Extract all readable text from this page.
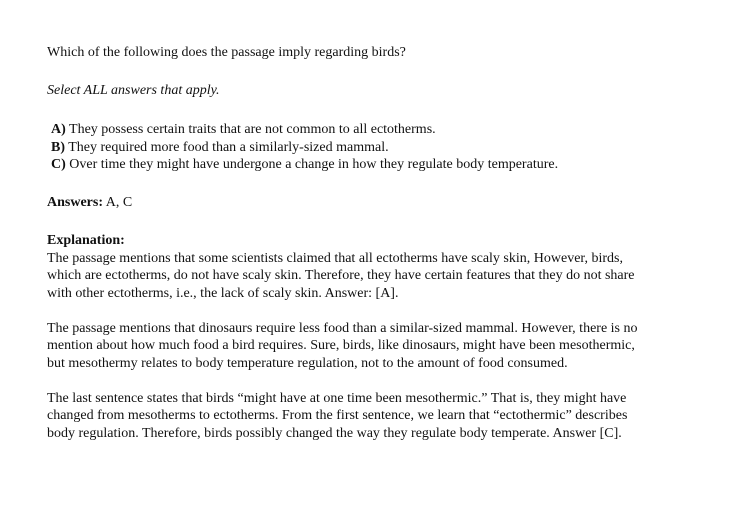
Which of the following does the passage imply regarding birds?
Select ALL answers that apply.
A) They possess certain traits that are not common to all ectotherms.
B) They required more food than a similarly-sized mammal.
C) Over time they might have undergone a change in how they regulate body temperature.
Answers: A, C
Explanation:

The passage mentions that some scientists claimed that all ectotherms have scaly skin, However, birds,
which are ectotherms, do not have scaly skin. Therefore, they have certain features that they do not share
with other ectotherms, i.e., the lack of scaly skin. Answer: [A].

The passage mentions that dinosaurs require less food than a similar-sized mammal. However, there is no
mention about how much food a bird requires. Sure, birds, like dinosaurs, might have been mesothermic,
but mesothermy relates to body temperature regulation, not to the amount of food consumed.

The last sentence states that birds “might have at one time been mesothermic.” That is, they might have
changed from mesotherms to ectotherms. From the first sentence, we learn that “ectothermic” describes
body regulation. Therefore, birds possibly changed the way they regulate body temperate. Answer [C].
